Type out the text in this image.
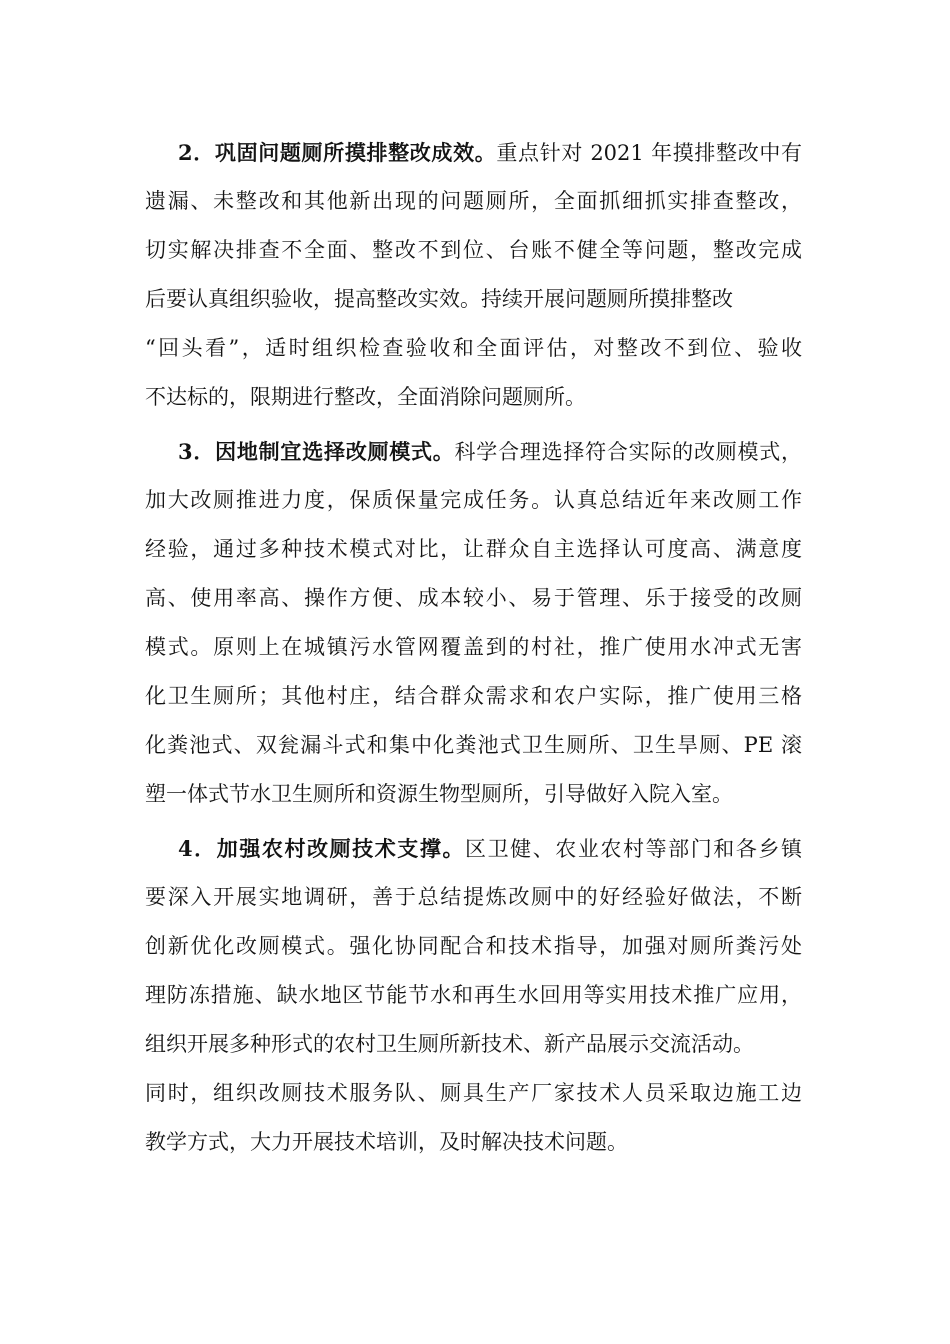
2．巩固问题厕所摸排整改成效。重点针对 2021 年摸排整改中有
遗漏、未整改和其他新出现的问题厕所，全面抓细抓实排查整改，
切实解决排查不全面、整改不到位、台账不健全等问题，整改完成
后要认真组织验收，提高整改实效。持续开展问题厕所摸排整改
“回头看”，适时组织检查验收和全面评估，对整改不到位、验收
不达标的，限期进行整改，全面消除问题厕所。

3．因地制宜选择改厕模式。科学合理选择符合实际的改厕模式，
加大改厕推进力度，保质保量完成任务。认真总结近年来改厕工作
经验，通过多种技术模式对比，让群众自主选择认可度高、满意度
高、使用率高、操作方便、成本较小、易于管理、乐于接受的改厕
模式。原则上在城镇污水管网覆盖到的村社，推广使用水冲式无害
化卫生厕所；其他村庄，结合群众需求和农户实际，推广使用三格
化粪池式、双瓮漏斗式和集中化粪池式卫生厕所、卫生旱厕、PE 滚
塑一体式节水卫生厕所和资源生物型厕所，引导做好入院入室。

4．加强农村改厕技术支撑。区卫健、农业农村等部门和各乡镇
要深入开展实地调研，善于总结提炼改厕中的好经验好做法，不断
创新优化改厕模式。强化协同配合和技术指导，加强对厕所粪污处
理防冻措施、缺水地区节能节水和再生水回用等实用技术推广应用，
组织开展多种形式的农村卫生厕所新技术、新产品展示交流活动。
同时，组织改厕技术服务队、厕具生产厂家技术人员采取边施工边
教学方式，大力开展技术培训，及时解决技术问题。
